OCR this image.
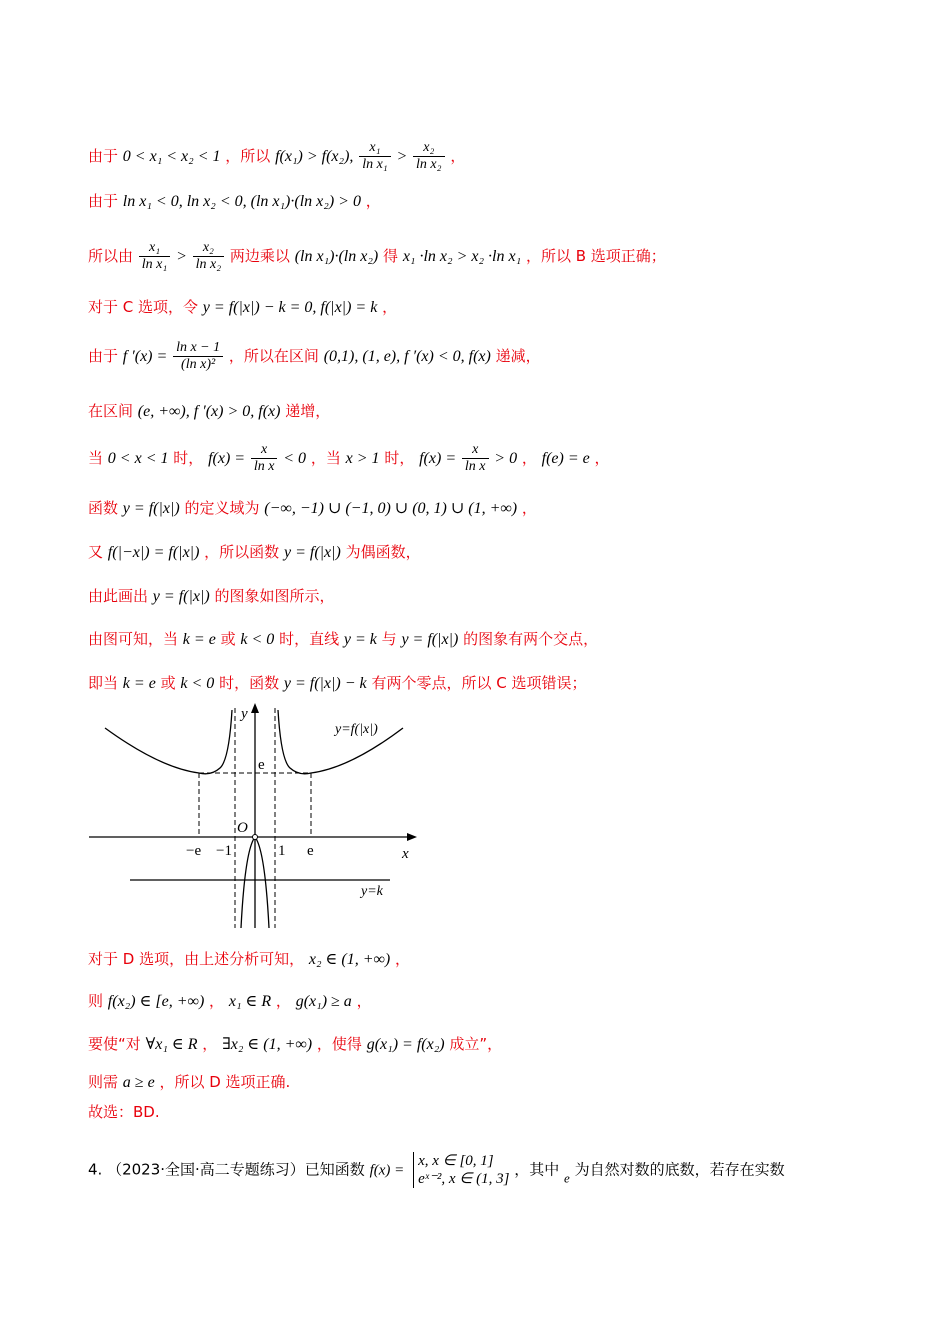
由于 0 < x₁ < x₂ < 1 ，所以 f(x₁) > f(x₂), $\frac{\text{x₁}}{\text{ln x₁}} > \frac{\text{x₂}}{\text{ln x₂}}$ ，
由于 ln x₁ < 0, ln x₂ < 0, (ln x₁)·(ln x₂) > 0 ，
所以由 $\frac{\text{x₁}}{\text{ln x₁}} > \frac{\text{x₂}}{\text{ln x₂}}$ 两边乘以 (ln x₁)·(ln x₂) 得 x₁ ·ln x₂ > x₂ ·ln x₁ ，所以 B 选项正确；
对于 C 选项，令 y = f(|x|) − k = 0, f(|x|) = k ，
由于 f $'(x) = \frac{\text{ln x − 1}}{\text{(ln x)²}}$ ，所以在区间 (0,1), (1, e), f ′(x) < 0, f(x) 递减，
在区间 (e, +∞), f ′(x) > 0, f(x) 递增，
当 0 < x < 1 时， $f(x) = \frac{x}{\text{ln x}} < 0$ ，当 x > 1 时， $f(x) = \frac{x}{\text{ln x}} > 0$ ， f(e) = e ，
函数 y = f(|x|) 的定义域为 (−∞, −1) ∪ (−1, 0) ∪ (0, 1) ∪ (1, +∞) ，
又 f(|−x|) = f(|x|) ，所以函数 y = f(|x|) 为偶函数，
由此画出 y = f(|x|) 的图象如图所示，
由图可知，当 k = e 或 k < 0 时，直线 y = k 与 y = f(|x|) 的图象有两个交点，
即当 k = e 或 k < 0 时，函数 y = f(|x|) − k 有两个零点，所以 C 选项错误；
y
x
O
y=f(|x|)
y=k
e
−e −1	1 e
对于 D 选项，由上述分析可知， x₂ ∈ (1, +∞) ，
则 f(x₂) ∈ [e, +∞) ， x₁ ∈ R ， g(x₁) ≥ a ，
要使“对 ∀x₁ ∈ R ， ∃x₂ ∈ (1, +∞) ，使得 g(x₁) = f(x₂) 成立”，
则需 a ≥ e ，所以 D 选项正确.
故选：BD.
4. （2023·全国·高二专题练习）已知函数 f(x) =
x, x ∈ [0, 1]
eˣ⁻², x ∈ (1, 3]
，其中 e 为自然对数的底数，若存在实数
